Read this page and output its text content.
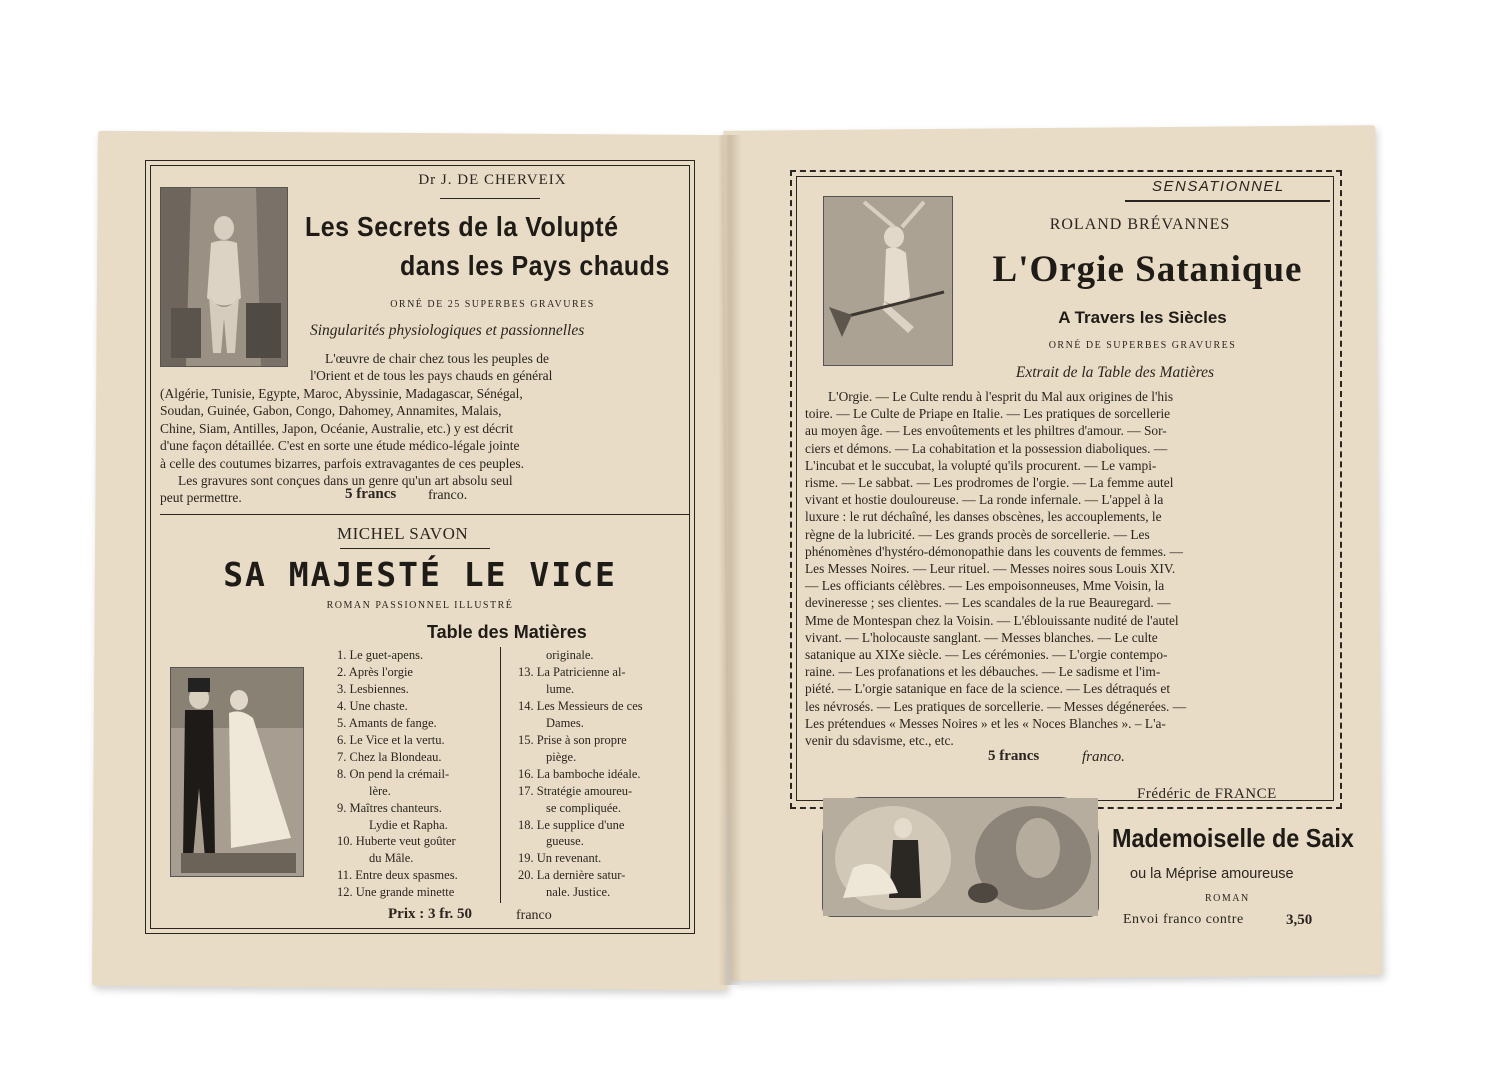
Dr J. DE CHERVEIX
Les Secrets de la Volupté
dans les Pays chauds
ORNÉ DE 25 SUPERBES GRAVURES
Singularités physiologiques et passionnelles
L'œuvre de chair chez tous les peuples de
l'Orient et de tous les pays chauds en général
(Algérie, Tunisie, Egypte, Maroc, Abyssinie, Madagascar, Sénégal,
Soudan, Guinée, Gabon, Congo, Dahomey, Annamites, Malais,
Chine, Siam, Antilles, Japon, Océanie, Australie, etc.) y est décrit
d'une façon détaillée. C'est en sorte une étude médico-légale jointe
à celle des coutumes bizarres, parfois extravagantes de ces peuples.
Les gravures sont conçues dans un genre qu'un art absolu seul
peut permettre.	5 francs franco.
MICHEL SAVON
SA MAJESTÉ LE VICE
ROMAN PASSIONNEL ILLUSTRÉ
Table des Matières
1. Le guet-apens.
2. Après l'orgie
3. Lesbiennes.
4. Une chaste.
5. Amants de fange.
6. Le Vice et la vertu.
7. Chez la Blondeau.
8. On pend la crémail-
lère.
9. Maîtres chanteurs.
Lydie et Rapha.
10. Huberte veut goûter
du Mâle.
11. Entre deux spasmes.
12. Une grande minette
originale.
13. La Patricienne al-
lume.
14. Les Messieurs de ces
Dames.
15. Prise à son propre
piège.
16. La bamboche idéale.
17. Stratégie amoureu-
se compliquée.
18. Le supplice d'une
gueuse.
19. Un revenant.
20. La dernière satur-
nale. Justice.
Prix : 3 fr. 50	franco
SENSATIONNEL
ROLAND BRÉVANNES
L'Orgie Satanique
A Travers les Siècles
ORNÉ DE SUPERBES GRAVURES
Extrait de la Table des Matières
L'Orgie. — Le Culte rendu à l'esprit du Mal aux origines de l'his
toire. — Le Culte de Priape en Italie. — Les pratiques de sorcellerie
au moyen âge. — Les envoûtements et les philtres d'amour. — Sor-
ciers et démons. — La cohabitation et la possession diaboliques. —
L'incubat et le succubat, la volupté qu'ils procurent. — Le vampi-
risme. — Le sabbat. — Les prodromes de l'orgie. — La femme autel
vivant et hostie douloureuse. — La ronde infernale. — L'appel à la
luxure : le rut déchaîné, les danses obscènes, les accouplements, le
règne de la lubricité. — Les grands procès de sorcellerie. — Les
phénomènes d'hystéro-démonopathie dans les couvents de femmes. —
Les Messes Noires. — Leur rituel. — Messes noires sous Louis XIV.
— Les officiants célèbres. — Les empoisonneuses, Mme Voisin, la
devineresse ; ses clientes. — Les scandales de la rue Beauregard. —
Mme de Montespan chez la Voisin. — L'éblouissante nudité de l'autel
vivant. — L'holocauste sanglant. — Messes blanches. — Le culte
satanique au XIXe siècle. — Les cérémonies. — L'orgie contempo-
raine. — Les profanations et les débauches. — Le sadisme et l'im-
piété. — L'orgie satanique en face de la science. — Les détraqués et
les névrosés. — Les pratiques de sorcellerie. — Messes dégénerées. —
Les prétendues « Messes Noires » et les « Noces Blanches ». – L'a-
venir du sdavisme, etc., etc.
5 francs	franco.
Frédéric de FRANCE
Mademoiselle de Saix
ou la Méprise amoureuse
ROMAN
Envoi franco contre	3,50
